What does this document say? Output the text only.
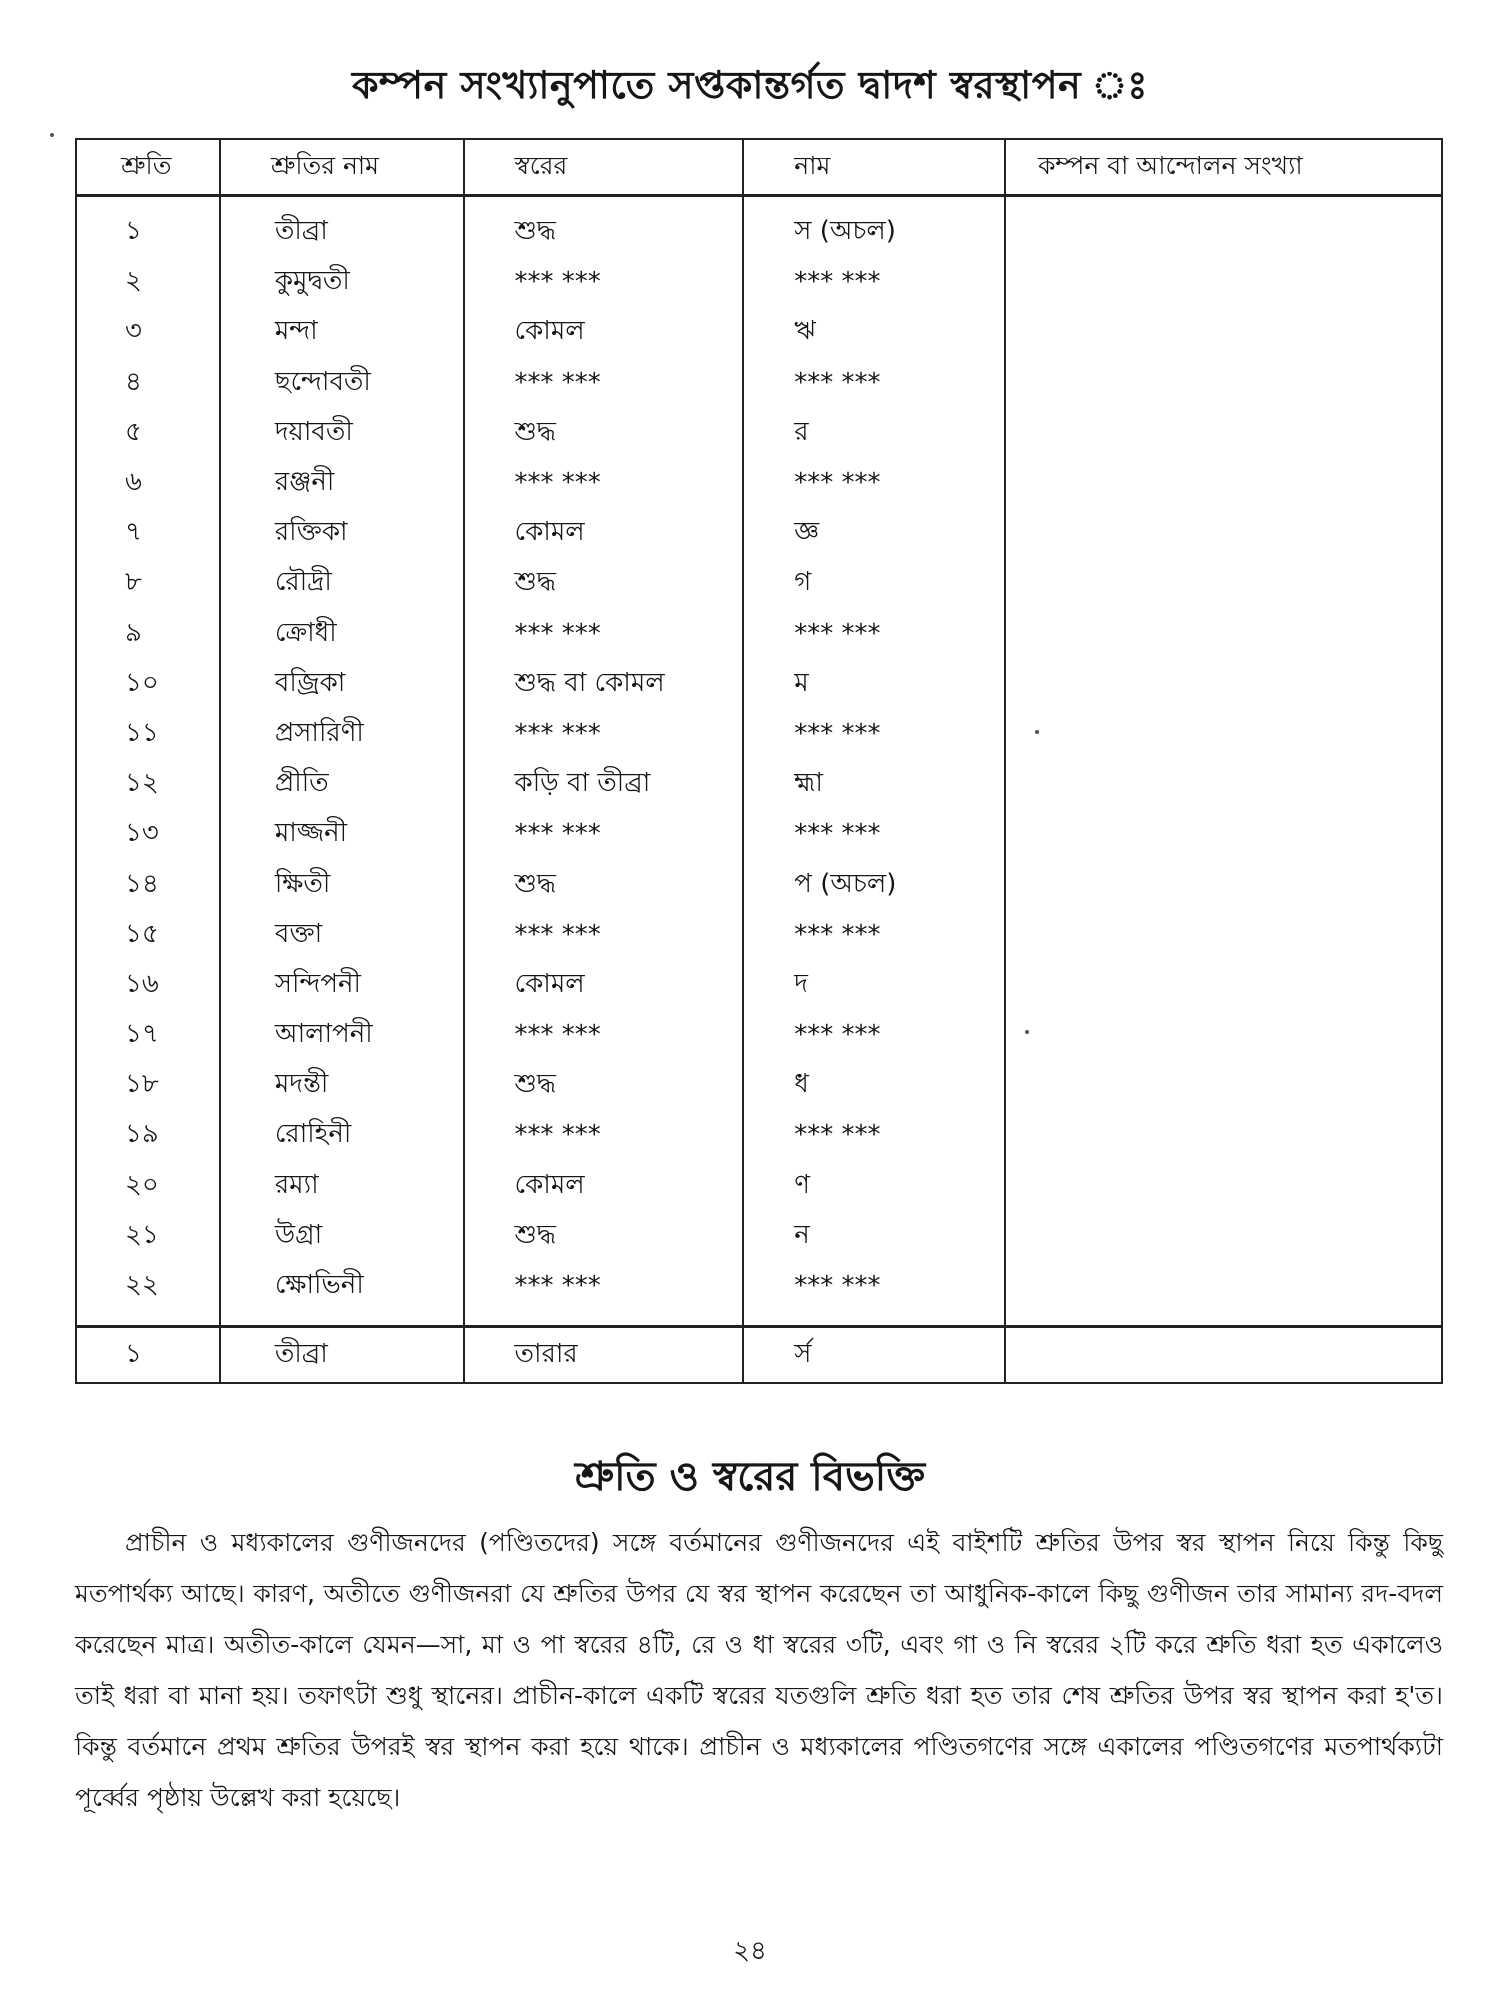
কম্পন সংখ্যানুপাতে সপ্তকান্তর্গত দ্বাদশ স্বরস্থাপন ঃ
শ্রুতি	শ্রুতির নাম	স্বরের	নাম	কম্পন বা আন্দোলন সংখ্যা
১	তীব্রা	শুদ্ধ	স (অচল)	
২	কুমুদ্বতী	*** ***	*** ***	
৩	মন্দা	কোমল	ঋ	
৪	ছন্দোবতী	*** ***	*** ***	
৫	দয়াবতী	শুদ্ধ	র	
৬	রঞ্জনী	*** ***	*** ***	
৭	রক্তিকা	কোমল	জ্ঞ	
৮	রৌদ্রী	শুদ্ধ	গ	
৯	ক্রোধী	*** ***	*** ***	
১০	বজ্রিকা	শুদ্ধ বা কোমল	ম	
১১	প্রসারিণী	*** ***	*** ***	
১২	প্রীতি	কড়ি বা তীব্রা	হ্মা	
১৩	মাজ্জনী	*** ***	*** ***	
১৪	ক্ষিতী	শুদ্ধ	প (অচল)	
১৫	বক্তা	*** ***	*** ***	
১৬	সন্দিপনী	কোমল	দ	
১৭	আলাপনী	*** ***	*** ***	
১৮	মদন্তী	শুদ্ধ	ধ	
১৯	রোহিনী	*** ***	*** ***	
২০	রম্যা	কোমল	ণ	
২১	উগ্রা	শুদ্ধ	ন	
২২	ক্ষোভিনী	*** ***	*** ***	
১	তীব্রা	তারার	র্স	
শ্রুতি ও স্বরের বিভক্তি
প্রাচীন ও মধ্যকালের গুণীজনদের (পণ্ডিতদের) সঙ্গে বর্তমানের গুণীজনদের এই বাইশটি শ্রুতির উপর স্বর স্থাপন নিয়ে কিন্তু কিছু মতপার্থক্য আছে। কারণ, অতীতে গুণীজনরা যে শ্রুতির উপর যে স্বর স্থাপন করেছেন তা আধুনিক-কালে কিছু গুণীজন তার সামান্য রদ-বদল করেছেন মাত্র। অতীত-কালে যেমন—সা, মা ও পা স্বরের ৪টি, রে ও ধা স্বরের ৩টি, এবং গা ও নি স্বরের ২টি করে শ্রুতি ধরা হত একালেও তাই ধরা বা মানা হয়। তফাৎটা শুধু স্থানের। প্রাচীন-কালে একটি স্বরের যতগুলি শ্রুতি ধরা হত তার শেষ শ্রুতির উপর স্বর স্থাপন করা হ'ত। কিন্তু বর্তমানে প্রথম শ্রুতির উপরই স্বর স্থাপন করা হয়ে থাকে। প্রাচীন ও মধ্যকালের পণ্ডিতগণের সঙ্গে একালের পণ্ডিতগণের মতপার্থক্যটা পূর্ব্বের পৃষ্ঠায় উল্লেখ করা হয়েছে।
২৪
